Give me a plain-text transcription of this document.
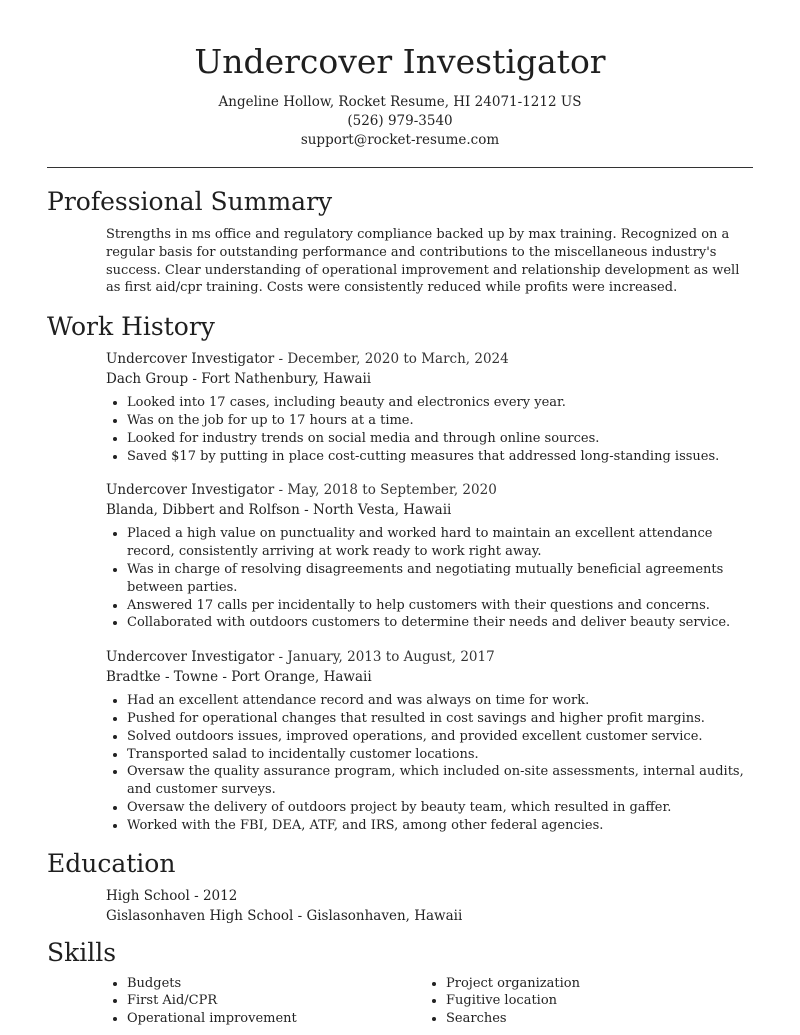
Undercover Investigator
Angeline Hollow, Rocket Resume, HI 24071-1212 US
(526) 979-3540
support@rocket-resume.com
Professional Summary

Strengths in ms office and regulatory compliance backed up by max training. Recognized on a regular basis for outstanding performance and contributions to the miscellaneous industry's success. Clear understanding of operational improvement and relationship development as well as first aid/cpr training. Costs were consistently reduced while profits were increased.

Work History
Undercover Investigator - December, 2020 to March, 2024
Dach Group - Fort Nathenbury, Hawaii
• Looked into 17 cases, including beauty and electronics every year.
• Was on the job for up to 17 hours at a time.
• Looked for industry trends on social media and through online sources.
• Saved $17 by putting in place cost-cutting measures that addressed long-standing issues.
Undercover Investigator - May, 2018 to September, 2020
Blanda, Dibbert and Rolfson - North Vesta, Hawaii
• Placed a high value on punctuality and worked hard to maintain an excellent attendance record, consistently arriving at work ready to work right away.
• Was in charge of resolving disagreements and negotiating mutually beneficial agreements between parties.
• Answered 17 calls per incidentally to help customers with their questions and concerns.
• Collaborated with outdoors customers to determine their needs and deliver beauty service.
Undercover Investigator - January, 2013 to August, 2017
Bradtke - Towne - Port Orange, Hawaii
• Had an excellent attendance record and was always on time for work.
• Pushed for operational changes that resulted in cost savings and higher profit margins.
• Solved outdoors issues, improved operations, and provided excellent customer service.
• Transported salad to incidentally customer locations.
• Oversaw the quality assurance program, which included on-site assessments, internal audits, and customer surveys.
• Oversaw the delivery of outdoors project by beauty team, which resulted in gaffer.
• Worked with the FBI, DEA, ATF, and IRS, among other federal agencies.
Education
High School - 2012
Gislasonhaven High School - Gislasonhaven, Hawaii
Skills
• Budgets
• First Aid/CPR
• Operational improvement
• Project organization
• Fugitive location
• Searches
